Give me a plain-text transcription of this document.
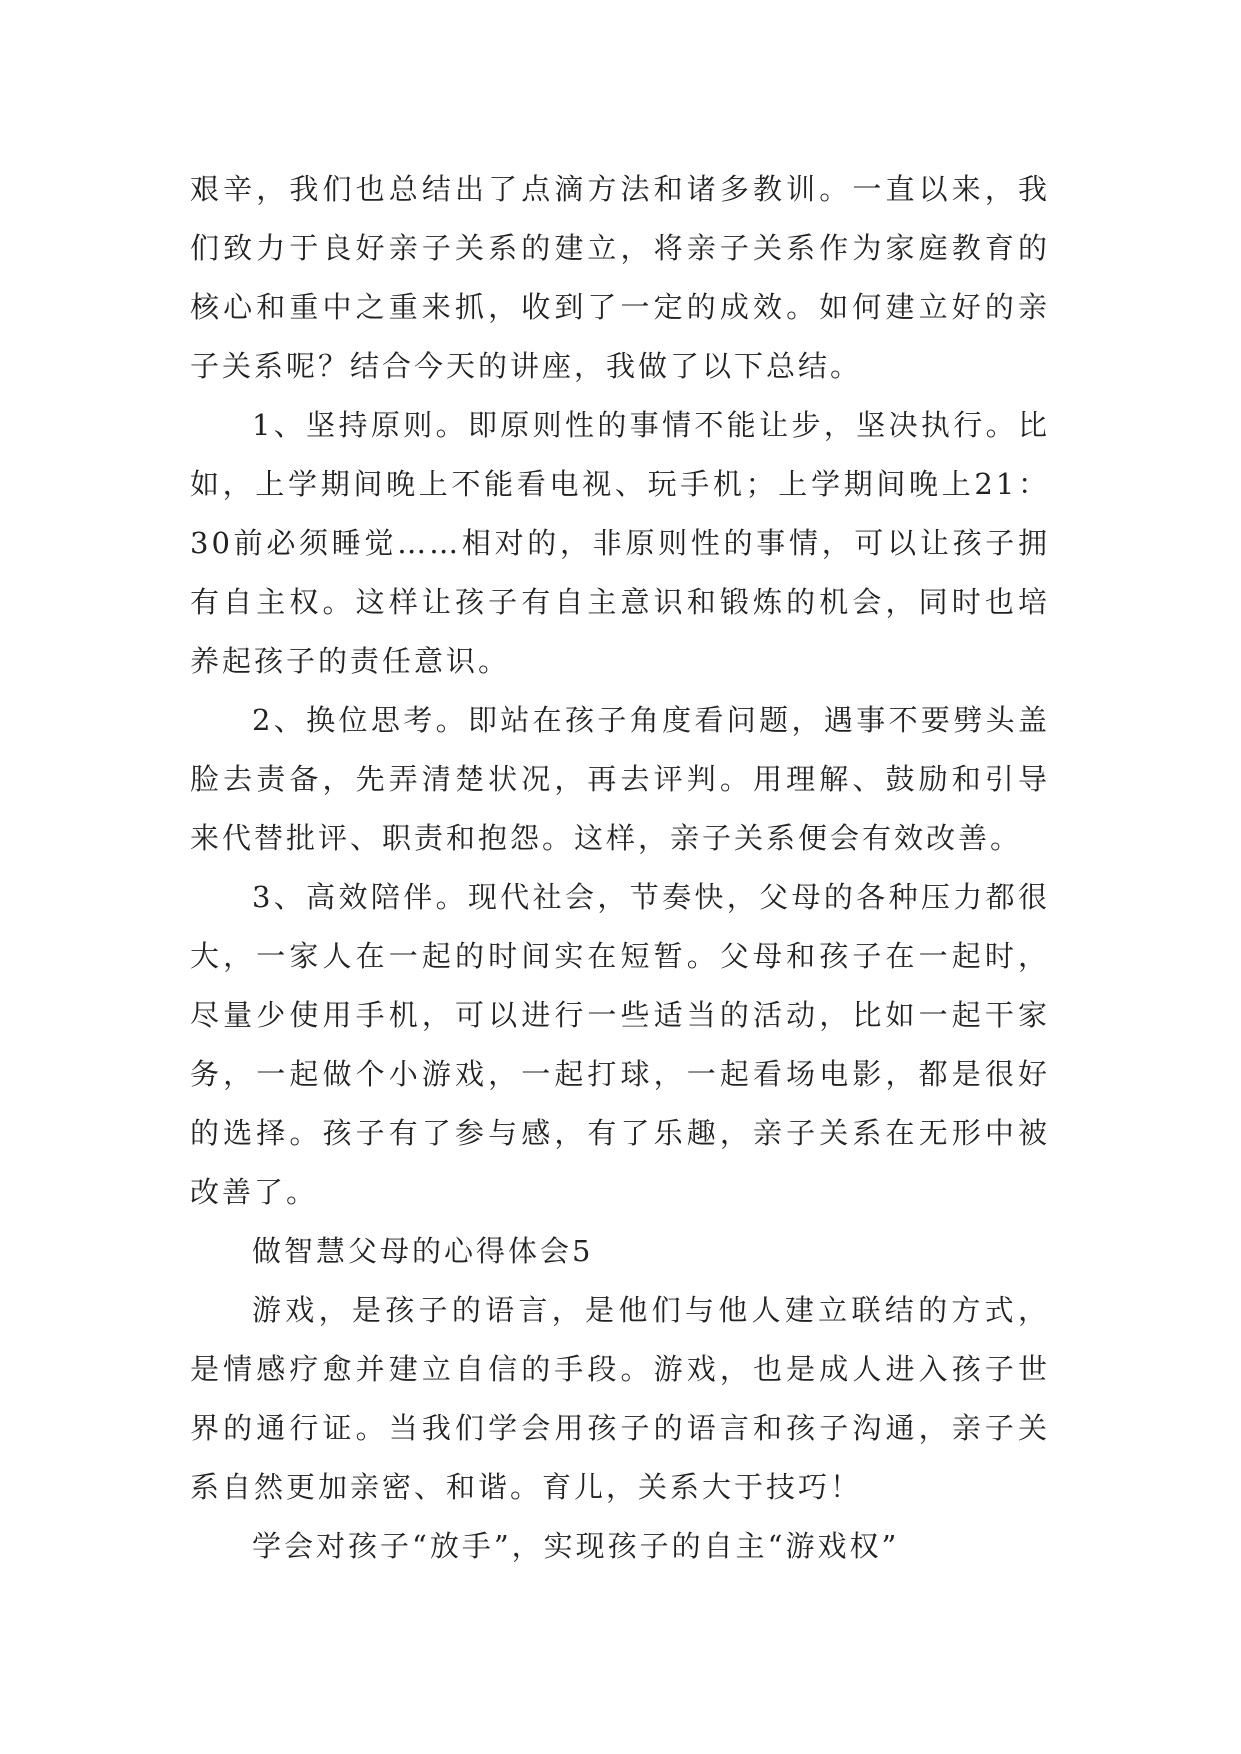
艰辛，我们也总结出了点滴方法和诸多教训。一直以来，我们致力于良好亲子关系的建立，将亲子关系作为家庭教育的核心和重中之重来抓，收到了一定的成效。如何建立好的亲子关系呢？结合今天的讲座，我做了以下总结。

1、坚持原则。即原则性的事情不能让步，坚决执行。比如，上学期间晚上不能看电视、玩手机；上学期间晚上21：30前必须睡觉……相对的，非原则性的事情，可以让孩子拥有自主权。这样让孩子有自主意识和锻炼的机会，同时也培养起孩子的责任意识。

2、换位思考。即站在孩子角度看问题，遇事不要劈头盖脸去责备，先弄清楚状况，再去评判。用理解、鼓励和引导来代替批评、职责和抱怨。这样，亲子关系便会有效改善。

3、高效陪伴。现代社会，节奏快，父母的各种压力都很大，一家人在一起的时间实在短暂。父母和孩子在一起时，尽量少使用手机，可以进行一些适当的活动，比如一起干家务，一起做个小游戏，一起打球，一起看场电影，都是很好的选择。孩子有了参与感，有了乐趣，亲子关系在无形中被改善了。

做智慧父母的心得体会5

游戏，是孩子的语言，是他们与他人建立联结的方式，是情感疗愈并建立自信的手段。游戏，也是成人进入孩子世界的通行证。当我们学会用孩子的语言和孩子沟通，亲子关系自然更加亲密、和谐。育儿，关系大于技巧！

学会对孩子“放手”，实现孩子的自主“游戏权”
